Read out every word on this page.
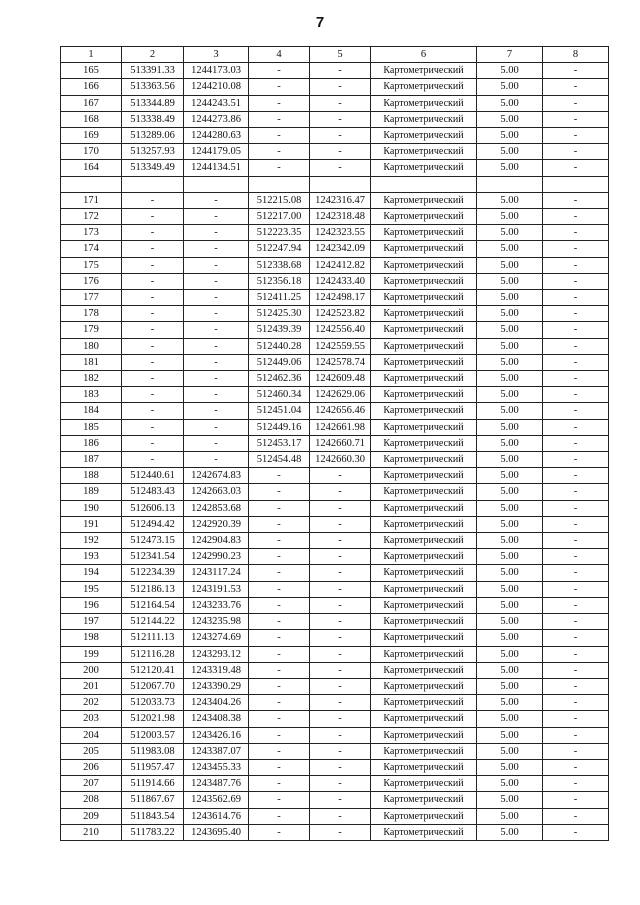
7
1	2	3	4	5	6	7	8
165	513391.33	1244173.03	-	-	Картометрический	5.00	-
166	513363.56	1244210.08	-	-	Картометрический	5.00	-
167	513344.89	1244243.51	-	-	Картометрический	5.00	-
168	513338.49	1244273.86	-	-	Картометрический	5.00	-
169	513289.06	1244280.63	-	-	Картометрический	5.00	-
170	513257.93	1244179.05	-	-	Картометрический	5.00	-
164	513349.49	1244134.51	-	-	Картометрический	5.00	-

171	-	-	512215.08	1242316.47	Картометрический	5.00	-
172	-	-	512217.00	1242318.48	Картометрический	5.00	-
173	-	-	512223.35	1242323.55	Картометрический	5.00	-
174	-	-	512247.94	1242342.09	Картометрический	5.00	-
175	-	-	512338.68	1242412.82	Картометрический	5.00	-
176	-	-	512356.18	1242433.40	Картометрический	5.00	-
177	-	-	512411.25	1242498.17	Картометрический	5.00	-
178	-	-	512425.30	1242523.82	Картометрический	5.00	-
179	-	-	512439.39	1242556.40	Картометрический	5.00	-
180	-	-	512440.28	1242559.55	Картометрический	5.00	-
181	-	-	512449.06	1242578.74	Картометрический	5.00	-
182	-	-	512462.36	1242609.48	Картометрический	5.00	-
183	-	-	512460.34	1242629.06	Картометрический	5.00	-
184	-	-	512451.04	1242656.46	Картометрический	5.00	-
185	-	-	512449.16	1242661.98	Картометрический	5.00	-
186	-	-	512453.17	1242660.71	Картометрический	5.00	-
187	-	-	512454.48	1242660.30	Картометрический	5.00	-
188	512440.61	1242674.83	-	-	Картометрический	5.00	-
189	512483.43	1242663.03	-	-	Картометрический	5.00	-
190	512606.13	1242853.68	-	-	Картометрический	5.00	-
191	512494.42	1242920.39	-	-	Картометрический	5.00	-
192	512473.15	1242904.83	-	-	Картометрический	5.00	-
193	512341.54	1242990.23	-	-	Картометрический	5.00	-
194	512234.39	1243117.24	-	-	Картометрический	5.00	-
195	512186.13	1243191.53	-	-	Картометрический	5.00	-
196	512164.54	1243233.76	-	-	Картометрический	5.00	-
197	512144.22	1243235.98	-	-	Картометрический	5.00	-
198	512111.13	1243274.69	-	-	Картометрический	5.00	-
199	512116.28	1243293.12	-	-	Картометрический	5.00	-
200	512120.41	1243319.48	-	-	Картометрический	5.00	-
201	512067.70	1243390.29	-	-	Картометрический	5.00	-
202	512033.73	1243404.26	-	-	Картометрический	5.00	-
203	512021.98	1243408.38	-	-	Картометрический	5.00	-
204	512003.57	1243426.16	-	-	Картометрический	5.00	-
205	511983.08	1243387.07	-	-	Картометрический	5.00	-
206	511957.47	1243455.33	-	-	Картометрический	5.00	-
207	511914.66	1243487.76	-	-	Картометрический	5.00	-
208	511867.67	1243562.69	-	-	Картометрический	5.00	-
209	511843.54	1243614.76	-	-	Картометрический	5.00	-
210	511783.22	1243695.40	-	-	Картометрический	5.00	-
